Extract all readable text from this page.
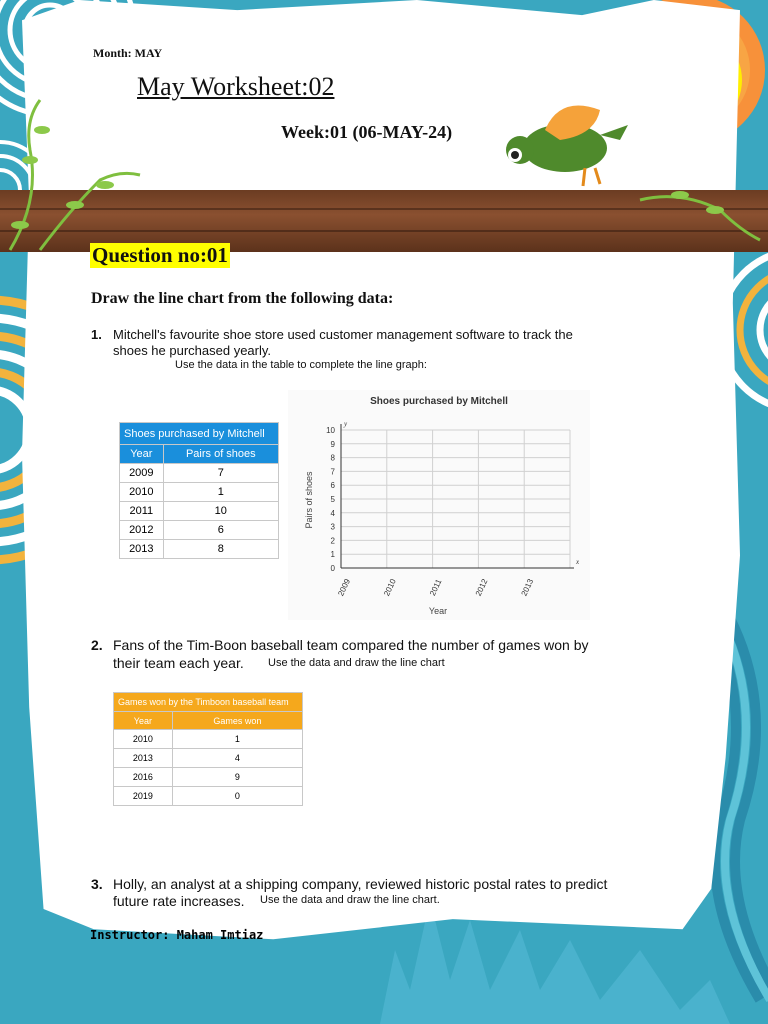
Month: MAY
May Worksheet:02
Week:01 (06-MAY-24)
Question no:01
Draw the line chart from the following data:
1. Mitchell's favourite shoe store used customer management software to track the
shoes he purchased yearly.
Use the data in the table to complete the line graph:
Shoes purchased by Mitchell	
Year	Pairs of shoes
2009	7
2010	1
2011	10
2012	6
2013	8
Shoes purchased by Mitchell
0
1
2
3
4
5
6
7
8
9
10
2009	2010	2011	2012	2013
x
y
Year
Pairs of shoes
2. Fans of the Tim-Boon baseball team compared the number of games won by
their team each year. Use the data and draw the line chart
Games won by the Timboon baseball team	
Year	Games won
2010	1
2013	4
2016	9
2019	0
3. Holly, an analyst at a shipping company, reviewed historic postal rates to predict
future rate increases. Use the data and draw the line chart.
Instructor: Maham Imtiaz
